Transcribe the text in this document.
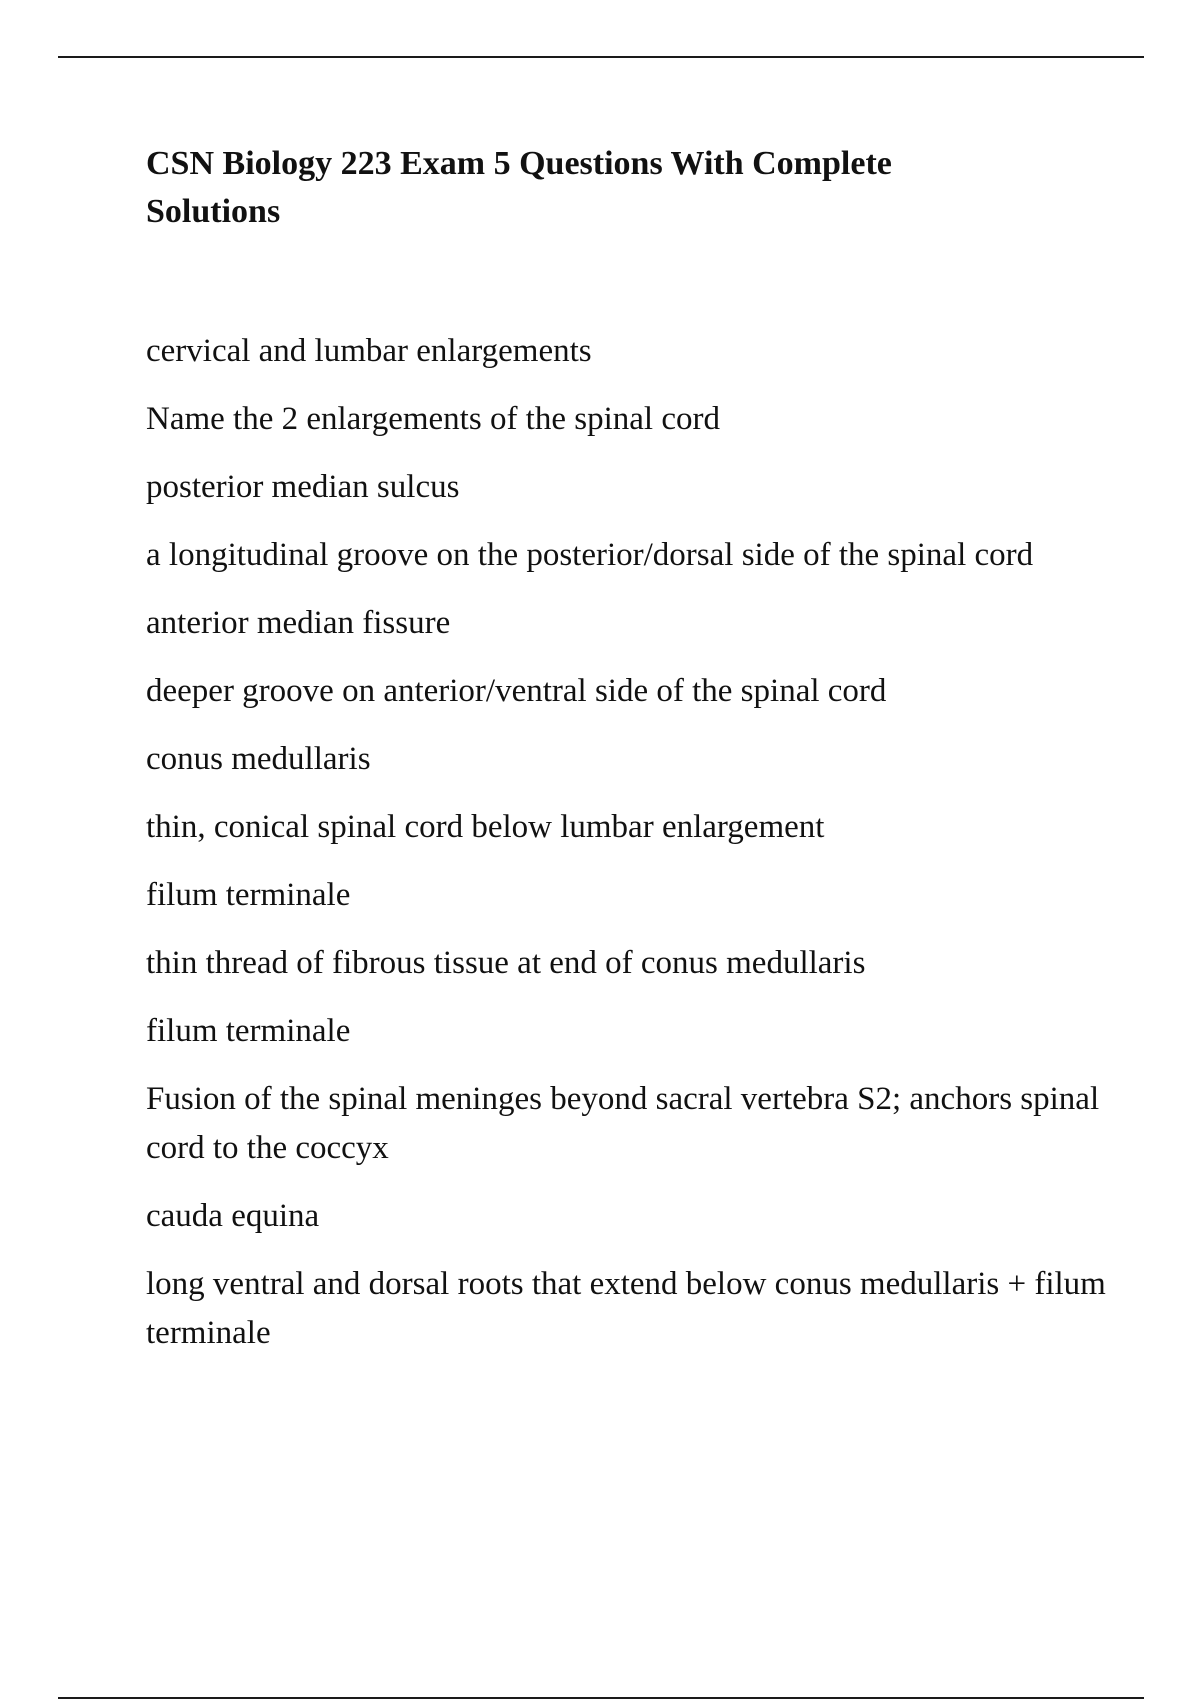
CSN Biology 223 Exam 5 Questions With Complete Solutions

cervical and lumbar enlargements

Name the 2 enlargements of the spinal cord

posterior median sulcus

a longitudinal groove on the posterior/dorsal side of the spinal cord

anterior median fissure

deeper groove on anterior/ventral side of the spinal cord

conus medullaris

thin, conical spinal cord below lumbar enlargement

filum terminale

thin thread of fibrous tissue at end of conus medullaris

filum terminale

Fusion of the spinal meninges beyond sacral vertebra S2; anchors spinal cord to the coccyx

cauda equina

long ventral and dorsal roots that extend below conus medullaris + filum terminale
